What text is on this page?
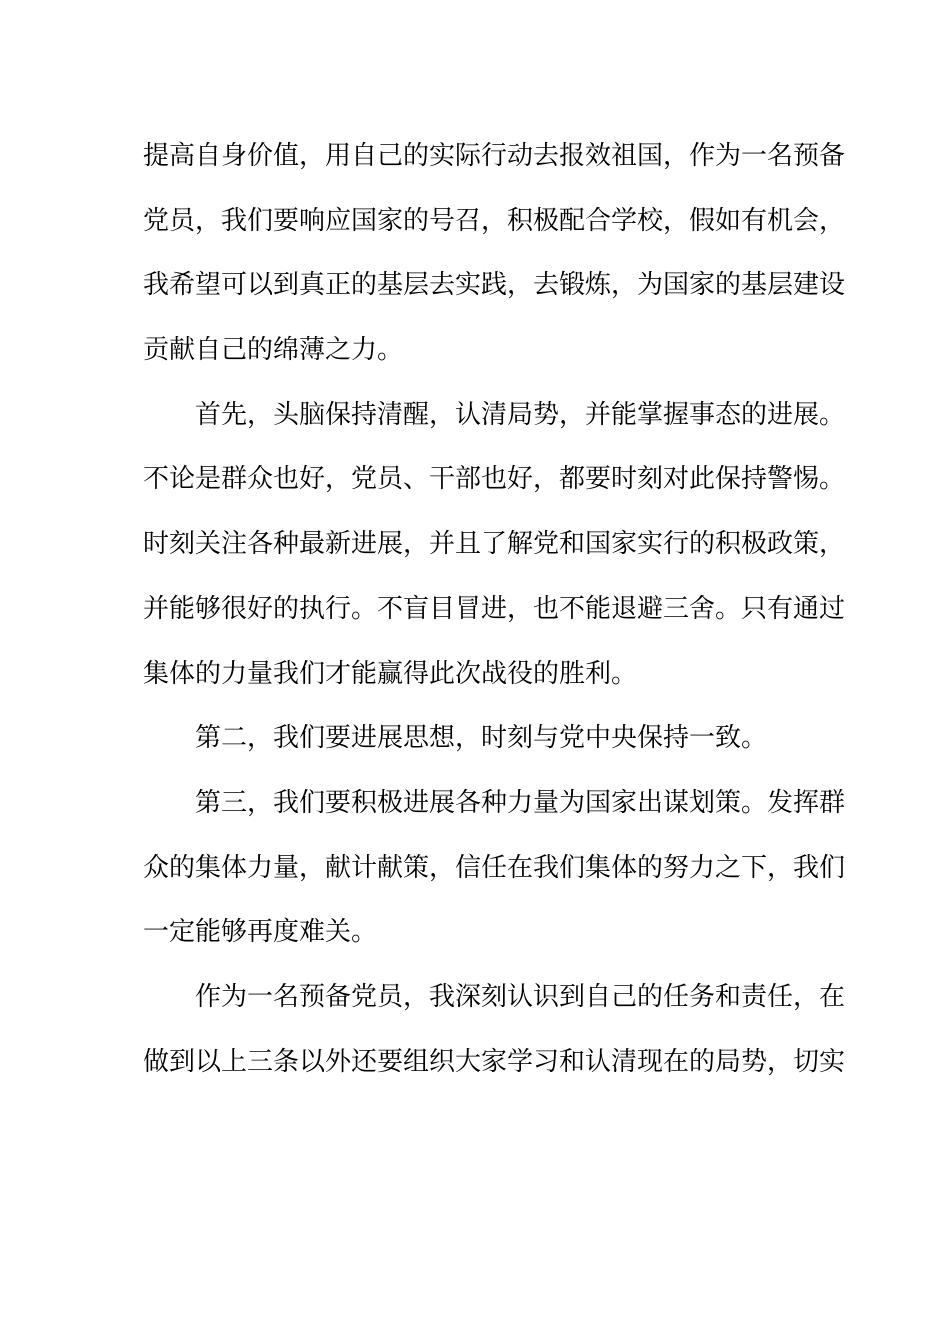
提高自身价值，用自己的实际行动去报效祖国，作为一名预备
党员，我们要响应国家的号召，积极配合学校，假如有机会，
我希望可以到真正的基层去实践，去锻炼，为国家的基层建设
贡献自己的绵薄之力。
首先，头脑保持清醒，认清局势，并能掌握事态的进展。
不论是群众也好，党员、干部也好，都要时刻对此保持警惕。
时刻关注各种最新进展，并且了解党和国家实行的积极政策，
并能够很好的执行。不盲目冒进，也不能退避三舍。只有通过
集体的力量我们才能赢得此次战役的胜利。
第二，我们要进展思想，时刻与党中央保持一致。
第三，我们要积极进展各种力量为国家出谋划策。发挥群
众的集体力量，献计献策，信任在我们集体的努力之下，我们
一定能够再度难关。
作为一名预备党员，我深刻认识到自己的任务和责任，在
做到以上三条以外还要组织大家学习和认清现在的局势，切实
